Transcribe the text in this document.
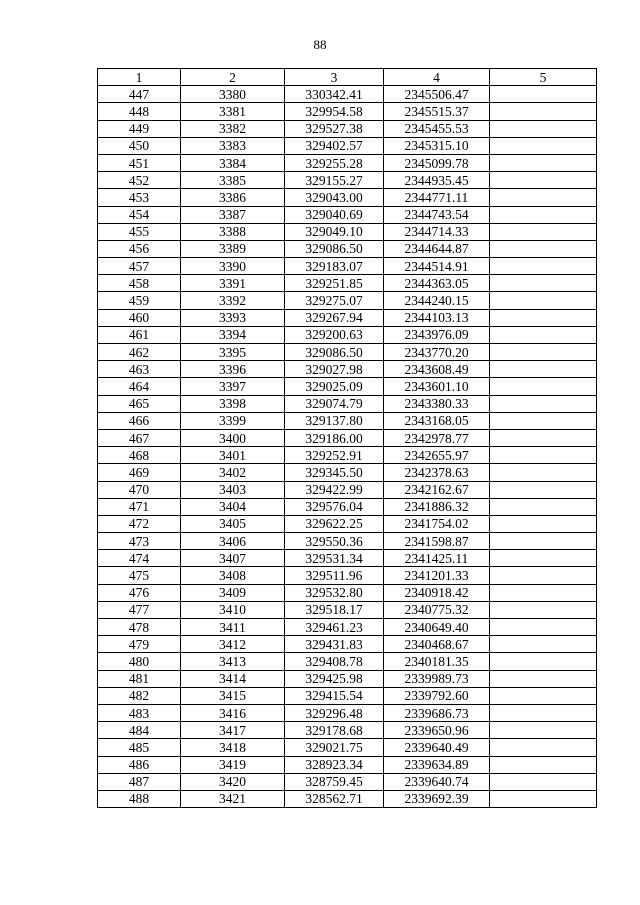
88
1	2	3	4	5
447	3380	330342.41	2345506.47	
448	3381	329954.58	2345515.37	
449	3382	329527.38	2345455.53	
450	3383	329402.57	2345315.10	
451	3384	329255.28	2345099.78	
452	3385	329155.27	2344935.45	
453	3386	329043.00	2344771.11	
454	3387	329040.69	2344743.54	
455	3388	329049.10	2344714.33	
456	3389	329086.50	2344644.87	
457	3390	329183.07	2344514.91	
458	3391	329251.85	2344363.05	
459	3392	329275.07	2344240.15	
460	3393	329267.94	2344103.13	
461	3394	329200.63	2343976.09	
462	3395	329086.50	2343770.20	
463	3396	329027.98	2343608.49	
464	3397	329025.09	2343601.10	
465	3398	329074.79	2343380.33	
466	3399	329137.80	2343168.05	
467	3400	329186.00	2342978.77	
468	3401	329252.91	2342655.97	
469	3402	329345.50	2342378.63	
470	3403	329422.99	2342162.67	
471	3404	329576.04	2341886.32	
472	3405	329622.25	2341754.02	
473	3406	329550.36	2341598.87	
474	3407	329531.34	2341425.11	
475	3408	329511.96	2341201.33	
476	3409	329532.80	2340918.42	
477	3410	329518.17	2340775.32	
478	3411	329461.23	2340649.40	
479	3412	329431.83	2340468.67	
480	3413	329408.78	2340181.35	
481	3414	329425.98	2339989.73	
482	3415	329415.54	2339792.60	
483	3416	329296.48	2339686.73	
484	3417	329178.68	2339650.96	
485	3418	329021.75	2339640.49	
486	3419	328923.34	2339634.89	
487	3420	328759.45	2339640.74	
488	3421	328562.71	2339692.39	
